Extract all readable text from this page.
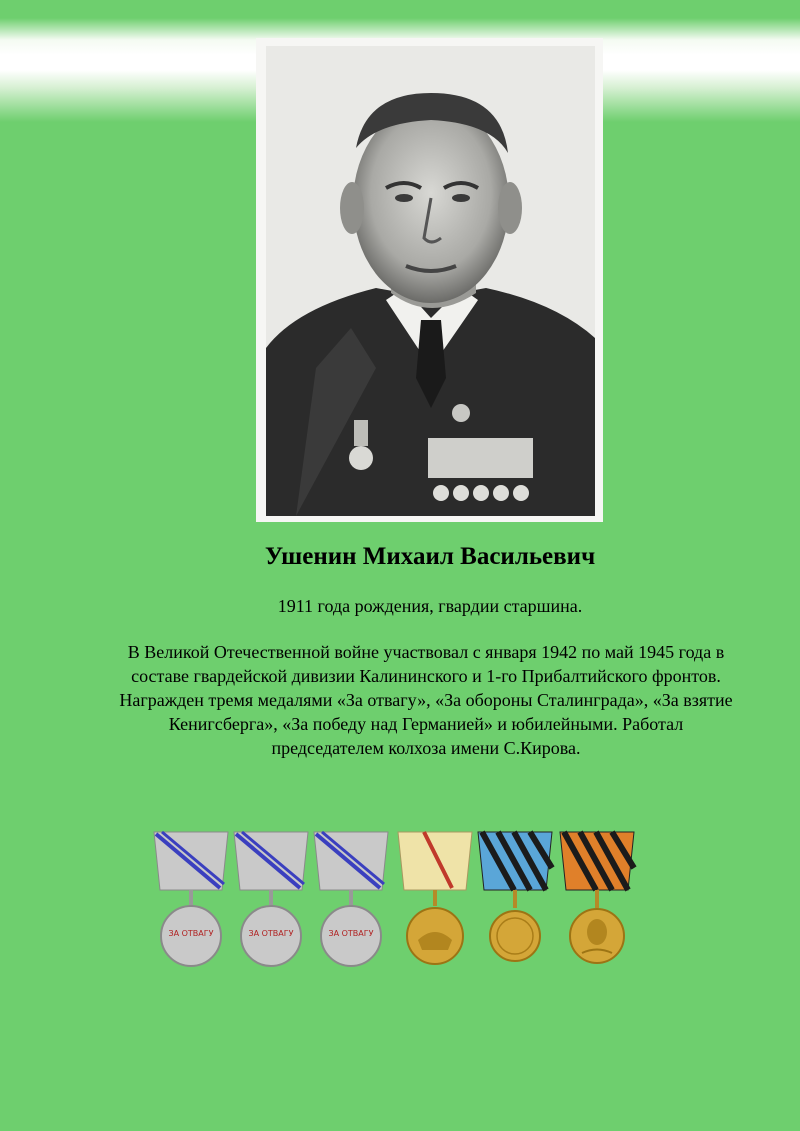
Ушенин Михаил Васильевич
1911 года рождения, гвардии старшина.
В Великой Отечественной войне участвовал с января 1942 по май 1945 года в составе гвардейской дивизии Калининского и 1-го Прибалтийского фронтов. Награжден тремя медалями «За отвагу», «За обороны Сталинграда», «За взятие Кенигсберга», «За победу над Германией» и юбилейными. Работал председателем колхоза имени С.Кирова.
ЗА ОТВАГУ	ЗА ОТВАГУ	ЗА ОТВАГУ
